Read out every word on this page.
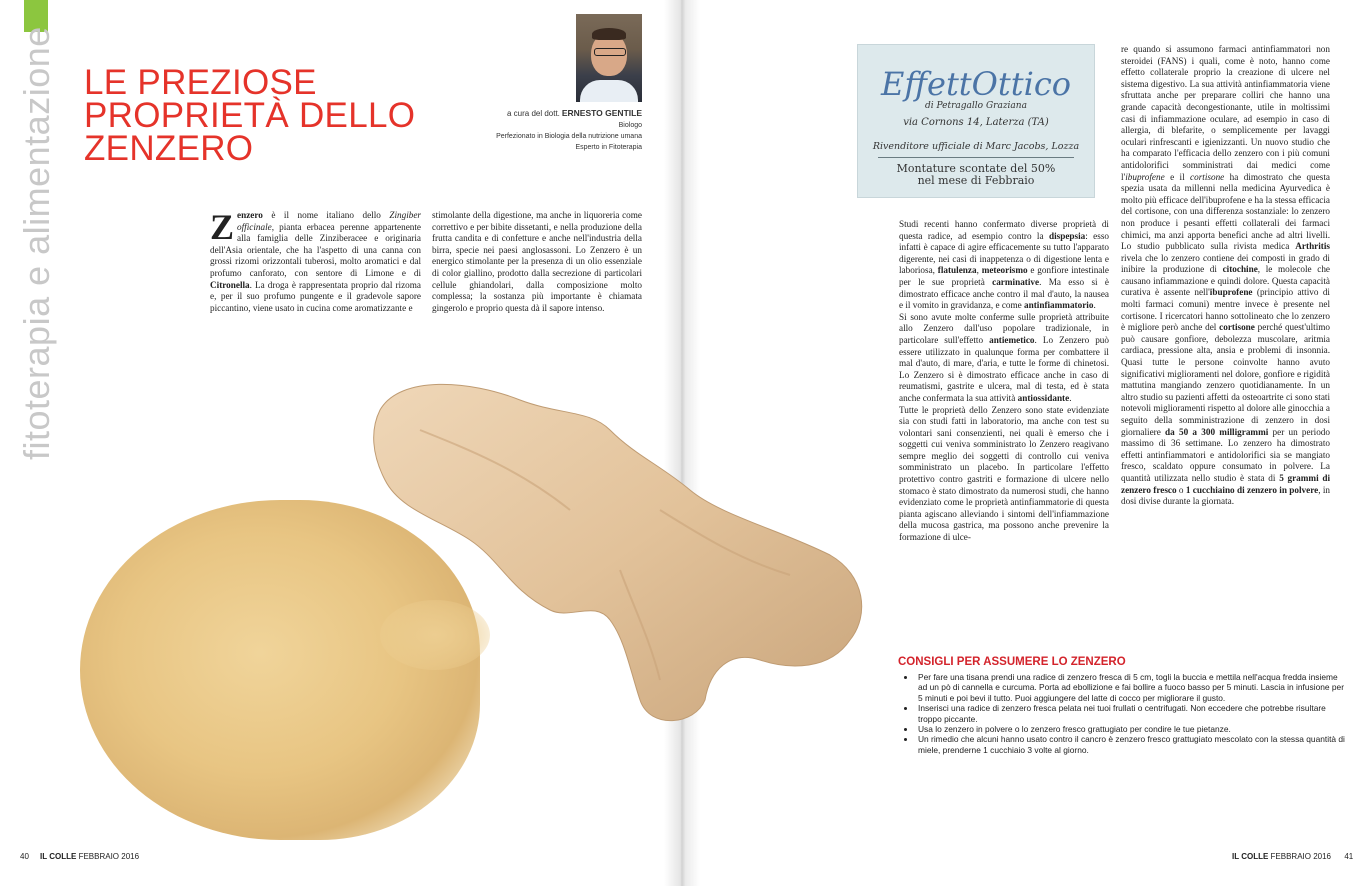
fitoterapia e alimentazione LE PREZIOSE PROPRIETÀ DELLO ZENZERO
a cura del dott. ERNESTO GENTILE
Biologo
Perfezionato in Biologia della nutrizione umana
Esperto in Fitoterapia

Zenzero è il nome italiano dello Zingiber officinale, pianta erbacea perenne appartenente alla famiglia delle Zinziberacee e originaria dell'Asia orientale, che ha l'aspetto di una canna con grossi rizomi orizzontali tuberosi, molto aromatici e dal profumo canforato, con sentore di Limone e di Citronella. La droga è rappresentata proprio dal rizoma e, per il suo profumo pungente e il gradevole sapore piccantino, viene usato in cucina come aromatizzante e

stimolante della digestione, ma anche in liquoreria come correttivo e per bibite dissetanti, e nella produzione della frutta candita e di confetture e anche nell'industria della birra, specie nei paesi anglosassoni. Lo Zenzero è un energico stimolante per la presenza di un olio essenziale di color giallino, prodotto dalla secrezione di particolari cellule ghiandolari, dalla composizione molto complessa; la sostanza più importante è chiamata gingerolo e proprio questa dà il sapore intenso.

EffettOttico
di Petragallo Graziana
via Cornons 14, Laterza (TA)
Rivenditore ufficiale di Marc Jacobs, Lozza
Montature scontate del 50%
nel mese di Febbraio

Studi recenti hanno confermato diverse proprietà di questa radice, ad esempio contro la dispepsia: esso infatti è capace di agire efficacemente su tutto l'apparato digerente, nei casi di inappetenza o di digestione lenta e laboriosa, flatulenza, meteorismo e gonfiore intestinale per le sue proprietà carminative. Ma esso si è dimostrato efficace anche contro il mal d'auto, la nausea e il vomito in gravidanza, e come antinfiammatorio.
Si sono avute molte conferme sulle proprietà attribuite allo Zenzero dall'uso popolare tradizionale, in particolare sull'effetto antiemetico. Lo Zenzero può essere utilizzato in qualunque forma per combattere il mal d'auto, di mare, d'aria, e tutte le forme di chinetosi. Lo Zenzero si è dimostrato efficace anche in caso di reumatismi, gastrite e ulcera, mal di testa, ed è stata anche confermata la sua attività antiossidante.
Tutte le proprietà dello Zenzero sono state evidenziate sia con studi fatti in laboratorio, ma anche con test su volontari sani consenzienti, nei quali è emerso che i soggetti cui veniva somministrato lo Zenzero reagivano sempre meglio dei soggetti di controllo cui veniva somministrato un placebo. In particolare l'effetto protettivo contro gastriti e formazione di ulcere nello stomaco è stato dimostrato da numerosi studi, che hanno evidenziato come le proprietà antinfiammatorie di questa pianta agiscano alleviando i sintomi dell'infiammazione della mucosa gastrica, ma possono anche prevenire la formazione di ulce-

re quando si assumono farmaci antinfiammatori non steroidei (FANS) i quali, come è noto, hanno come effetto collaterale proprio la creazione di ulcere nel sistema digestivo. La sua attività antinfiammatoria viene sfruttata anche per preparare colliri che hanno una grande capacità decongestionante, utile in moltissimi casi di infiammazione oculare, ad esempio in caso di allergia, di blefarite, o semplicemente per lavaggi oculari rinfrescanti e igienizzanti. Un nuovo studio che ha comparato l'efficacia dello zenzero con i più comuni antidolorifici somministrati dai medici come l'ibuprofene e il cortisone ha dimostrato che questa spezia usata da millenni nella medicina Ayurvedica è molto più efficace dell'ibuprofene e ha la stessa efficacia del cortisone, con una differenza sostanziale: lo zenzero non produce i pesanti effetti collaterali dei farmaci chimici, ma anzi apporta benefici anche ad altri livelli. Lo studio pubblicato sulla rivista medica Arthritis rivela che lo zenzero contiene dei composti in grado di inibire la produzione di citochine, le molecole che causano infiammazione e quindi dolore. Questa capacità curativa è assente nell'ibuprofene (principio attivo di molti farmaci comuni) mentre invece è presente nel cortisone. I ricercatori hanno sottolineato che lo zenzero è migliore però anche del cortisone perché quest'ultimo può causare gonfiore, debolezza muscolare, aritmia cardiaca, pressione alta, ansia e problemi di insonnia. Quasi tutte le persone coinvolte hanno avuto significativi miglioramenti nel dolore, gonfiore e rigidità mattutina mangiando zenzero quotidianamente. In un altro studio su pazienti affetti da osteoartrite ci sono stati notevoli miglioramenti rispetto al dolore alle ginocchia a seguito della somministrazione di zenzero in dosi giornaliere da 50 a 300 milligrammi per un periodo massimo di 36 settimane. Lo zenzero ha dimostrato effetti antinfiammatori e antidolorifici sia se mangiato fresco, scaldato oppure consumato in polvere. La quantità utilizzata nello studio è stata di 5 grammi di zenzero fresco o 1 cucchiaino di zenzero in polvere, in dosi divise durante la giornata.

CONSIGLI PER ASSUMERE LO ZENZERO
• Per fare una tisana prendi una radice di zenzero fresca di 5 cm, togli la buccia e mettila nell'acqua fredda insieme ad un pò di cannella e curcuma. Porta ad ebollizione e fai bollire a fuoco basso per 5 minuti. Lascia in infusione per 5 minuti e poi bevi il tutto. Puoi aggiungere del latte di cocco per migliorare il gusto.
• Inserisci una radice di zenzero fresca pelata nei tuoi frullati o centrifugati. Non eccedere che potrebbe risultare troppo piccante.
• Usa lo zenzero in polvere o lo zenzero fresco grattugiato per condire le tue pietanze.
• Un rimedio che alcuni hanno usato contro il cancro è zenzero fresco grattugiato mescolato con la stessa quantità di miele, prenderne 1 cucchiaio 3 volte al giorno.
40 IL COLLE FEBBRAIO 2016	IL COLLE FEBBRAIO 2016 41
